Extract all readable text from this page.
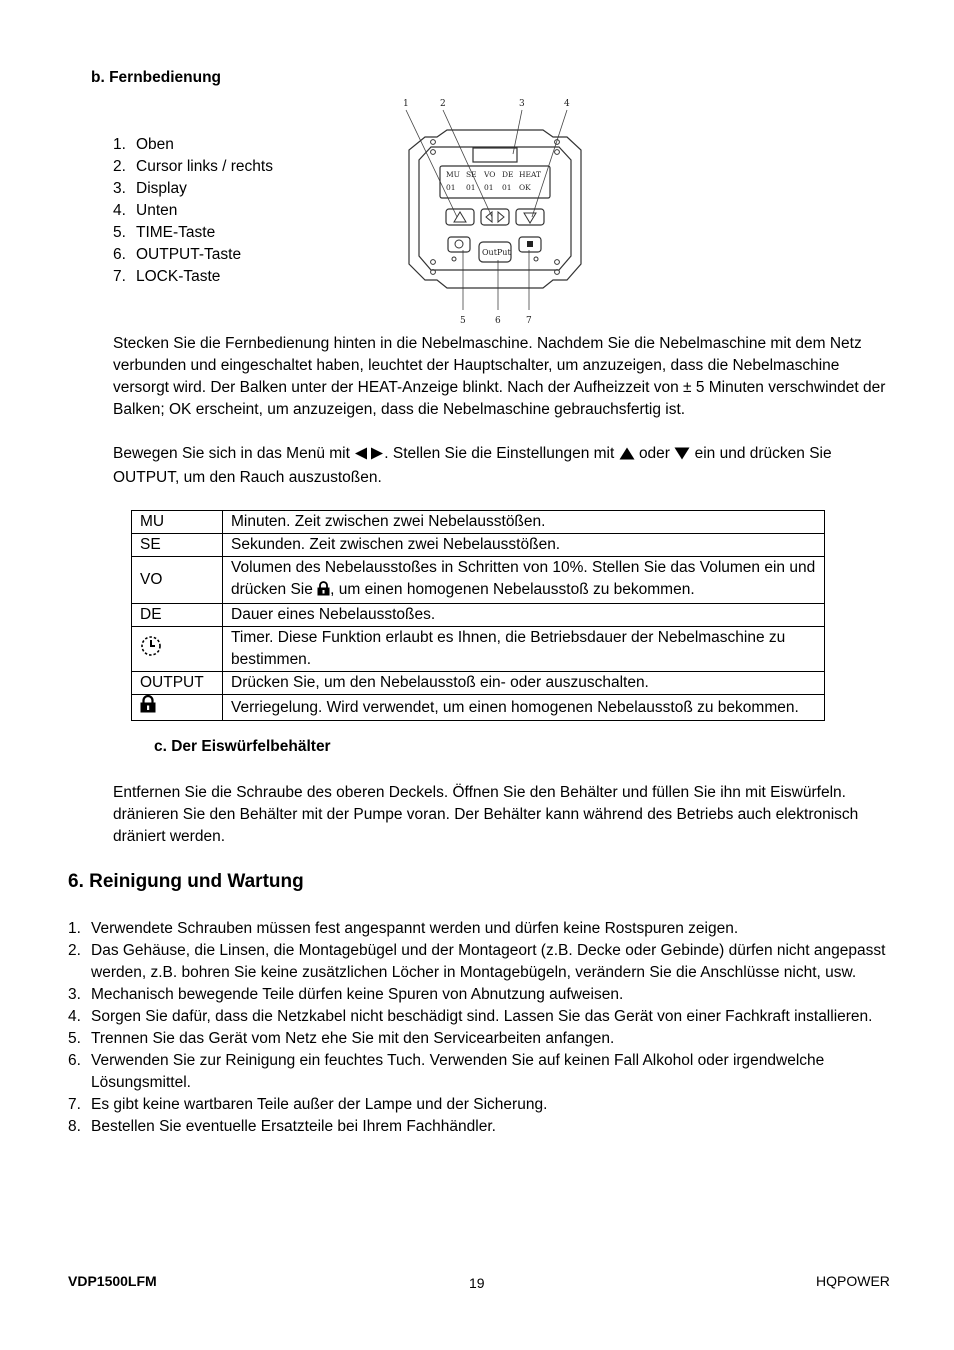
b. Fernbedienung
1. Oben
2. Cursor links / rechts
3. Display
4. Unten
5. TIME-Taste
6. OUTPUT-Taste
7. LOCK-Taste
1	2	3	4
5	6	7
MU SE VO DE HEAT
01 01 01 01 OK
OutPut
Stecken Sie die Fernbedienung hinten in die Nebelmaschine. Nachdem Sie die Nebelmaschine mit dem Netz verbunden und eingeschaltet haben, leuchtet der Hauptschalter, um anzuzeigen, dass die Nebelmaschine versorgt wird. Der Balken unter der HEAT-Anzeige blinkt. Nach der Aufheizzeit von ± 5 Minuten verschwindet der Balken; OK erscheint, um anzuzeigen, dass die Nebelmaschine gebrauchsfertig ist.
Bewegen Sie sich in das Menü mit . Stellen Sie die Einstellungen mit oder ein und drücken Sie OUTPUT, um den Rauch auszustoßen.
MU	Minuten. Zeit zwischen zwei Nebelausstößen.
SE	Sekunden. Zeit zwischen zwei Nebelausstößen.
VO	Volumen des Nebelausstoßes in Schritten von 10%. Stellen Sie das Volumen ein und drücken Sie , um einen homogenen Nebelausstoß zu bekommen.
DE	Dauer eines Nebelausstoßes.
	Timer. Diese Funktion erlaubt es Ihnen, die Betriebsdauer der Nebelmaschine zu bestimmen.
OUTPUT	Drücken Sie, um den Nebelausstoß ein- oder auszuschalten.
	Verriegelung. Wird verwendet, um einen homogenen Nebelausstoß zu bekommen.
c. Der Eiswürfelbehälter
Entfernen Sie die Schraube des oberen Deckels. Öffnen Sie den Behälter und füllen Sie ihn mit Eiswürfeln. dränieren Sie den Behälter mit der Pumpe voran. Der Behälter kann während des Betriebs auch elektronisch dräniert werden.
6. Reinigung und Wartung
1. Verwendete Schrauben müssen fest angespannt werden und dürfen keine Rostspuren zeigen.
2. Das Gehäuse, die Linsen, die Montagebügel und der Montageort (z.B. Decke oder Gebinde) dürfen nicht angepasst werden, z.B. bohren Sie keine zusätzlichen Löcher in Montagebügeln, verändern Sie die Anschlüsse nicht, usw.
3. Mechanisch bewegende Teile dürfen keine Spuren von Abnutzung aufweisen.
4. Sorgen Sie dafür, dass die Netzkabel nicht beschädigt sind. Lassen Sie das Gerät von einer Fachkraft installieren.
5. Trennen Sie das Gerät vom Netz ehe Sie mit den Servicearbeiten anfangen.
6. Verwenden Sie zur Reinigung ein feuchtes Tuch. Verwenden Sie auf keinen Fall Alkohol oder irgendwelche Lösungsmittel.
7. Es gibt keine wartbaren Teile außer der Lampe und der Sicherung.
8. Bestellen Sie eventuelle Ersatzteile bei Ihrem Fachhändler.
VDP1500LFM	19	HQPOWER
